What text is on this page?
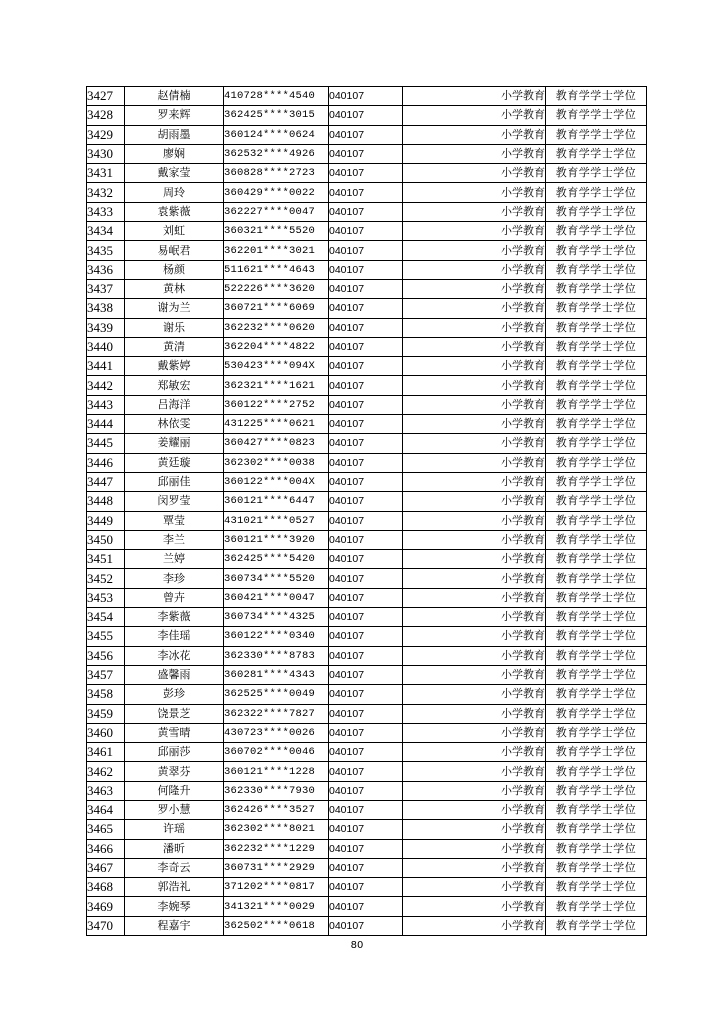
3427	赵倩楠	410728****4540	040107	小学教育	教育学学士学位
3428	罗来辉	362425****3015	040107	小学教育	教育学学士学位
3429	胡雨墨	360124****0624	040107	小学教育	教育学学士学位
3430	廖娴	362532****4926	040107	小学教育	教育学学士学位
3431	戴家莹	360828****2723	040107	小学教育	教育学学士学位
3432	周玲	360429****0022	040107	小学教育	教育学学士学位
3433	袁紫薇	362227****0047	040107	小学教育	教育学学士学位
3434	刘虹	360321****5520	040107	小学教育	教育学学士学位
3435	易岷君	362201****3021	040107	小学教育	教育学学士学位
3436	杨颜	511621****4643	040107	小学教育	教育学学士学位
3437	黄林	522226****3620	040107	小学教育	教育学学士学位
3438	谢为兰	360721****6069	040107	小学教育	教育学学士学位
3439	谢乐	362232****0620	040107	小学教育	教育学学士学位
3440	黄清	362204****4822	040107	小学教育	教育学学士学位
3441	戴紫婷	530423****094X	040107	小学教育	教育学学士学位
3442	郑敏宏	362321****1621	040107	小学教育	教育学学士学位
3443	吕海洋	360122****2752	040107	小学教育	教育学学士学位
3444	林依雯	431225****0621	040107	小学教育	教育学学士学位
3445	姜耀丽	360427****0823	040107	小学教育	教育学学士学位
3446	黄廷璇	362302****0038	040107	小学教育	教育学学士学位
3447	邱丽佳	360122****004X	040107	小学教育	教育学学士学位
3448	闵罗莹	360121****6447	040107	小学教育	教育学学士学位
3449	覃莹	431021****0527	040107	小学教育	教育学学士学位
3450	李兰	360121****3920	040107	小学教育	教育学学士学位
3451	兰婷	362425****5420	040107	小学教育	教育学学士学位
3452	李珍	360734****5520	040107	小学教育	教育学学士学位
3453	曾卉	360421****0047	040107	小学教育	教育学学士学位
3454	李紫薇	360734****4325	040107	小学教育	教育学学士学位
3455	李佳瑶	360122****0340	040107	小学教育	教育学学士学位
3456	李冰花	362330****8783	040107	小学教育	教育学学士学位
3457	盛馨雨	360281****4343	040107	小学教育	教育学学士学位
3458	彭珍	362525****0049	040107	小学教育	教育学学士学位
3459	饶景芝	362322****7827	040107	小学教育	教育学学士学位
3460	黄雪晴	430723****0026	040107	小学教育	教育学学士学位
3461	邱丽莎	360702****0046	040107	小学教育	教育学学士学位
3462	黄翠芬	360121****1228	040107	小学教育	教育学学士学位
3463	何隆升	362330****7930	040107	小学教育	教育学学士学位
3464	罗小慧	362426****3527	040107	小学教育	教育学学士学位
3465	许瑶	362302****8021	040107	小学教育	教育学学士学位
3466	潘昕	362232****1229	040107	小学教育	教育学学士学位
3467	李奇云	360731****2929	040107	小学教育	教育学学士学位
3468	郭浩礼	371202****0817	040107	小学教育	教育学学士学位
3469	李婉琴	341321****0029	040107	小学教育	教育学学士学位
3470	程嘉宇	362502****0618	040107	小学教育	教育学学士学位
80
